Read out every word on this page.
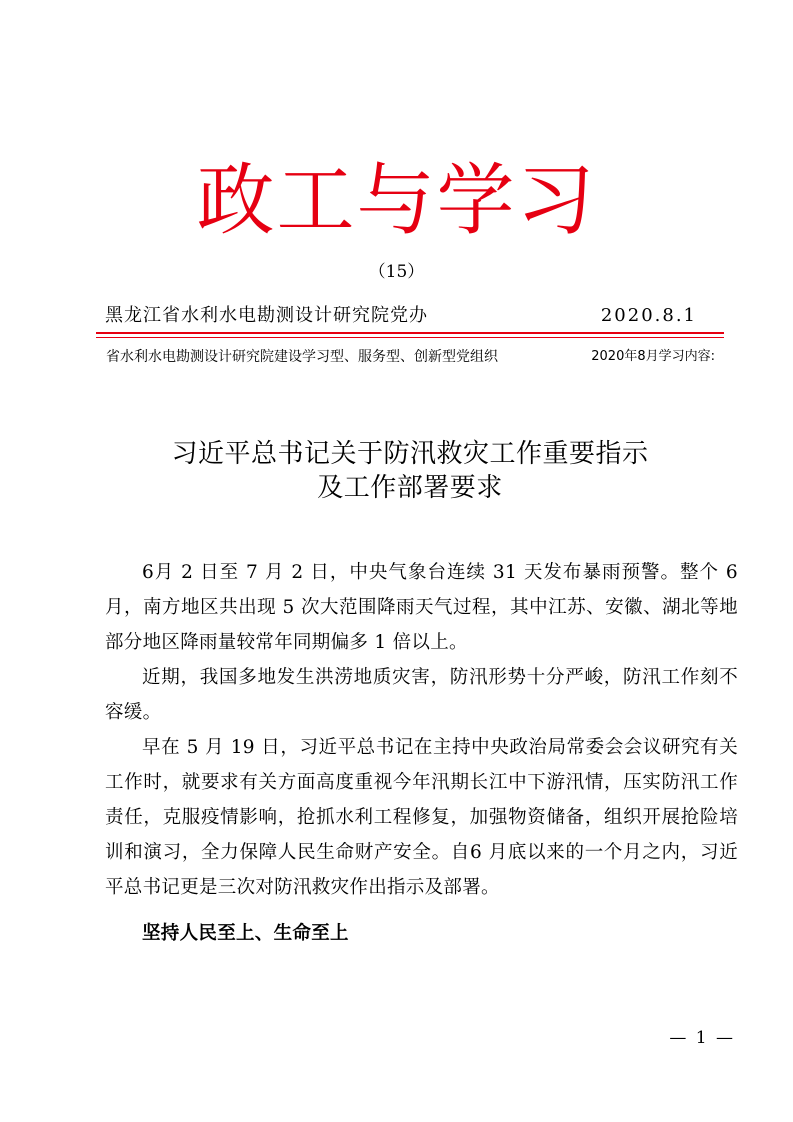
政工与学习
（15）
黑龙江省水利水电勘测设计研究院党办	2020.8.1
省水利水电勘测设计研究院建设学习型、服务型、创新型党组织	2020年8月学习内容:
习近平总书记关于防汛救灾工作重要指示
及工作部署要求

6月 2 日至 7 月 2 日，中央气象台连续 31 天发布暴雨预警。整个 6 月，南方地区共出现 5 次大范围降雨天气过程，其中江苏、安徽、湖北等地部分地区降雨量较常年同期偏多 1 倍以上。

近期，我国多地发生洪涝地质灾害，防汛形势十分严峻，防汛工作刻不容缓。

早在 5 月 19 日，习近平总书记在主持中央政治局常委会会议研究有关工作时，就要求有关方面高度重视今年汛期长江中下游汛情，压实防汛工作责任，克服疫情影响，抢抓水利工程修复，加强物资储备，组织开展抢险培训和演习，全力保障人民生命财产安全。自6 月底以来的一个月之内，习近平总书记更是三次对防汛救灾作出指示及部署。

坚持人民至上、生命至上
— 1 —
